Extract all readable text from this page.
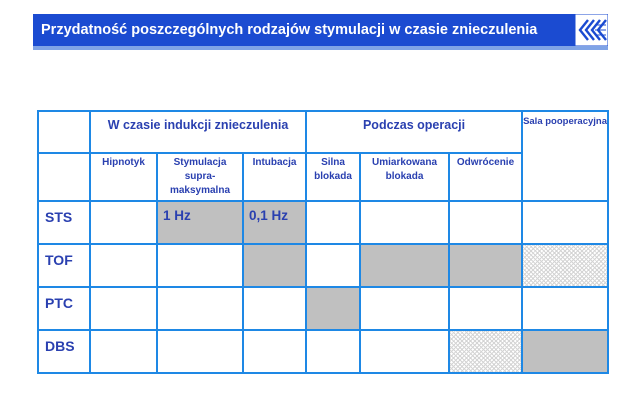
Przydatność poszczególnych rodzajów stymulacji w czasie znieczulenia
	W czasie indukcji znieczulenia			Podczas operacji			Sala pooperacyjna
	Hipnotyk	Stymulacja supra-maksymalna	Intubacja	Silna blokada	Umiarkowana blokada	Odwrócenie	
STS		1 Hz	0,1 Hz				
TOF							
PTC							
DBS							
